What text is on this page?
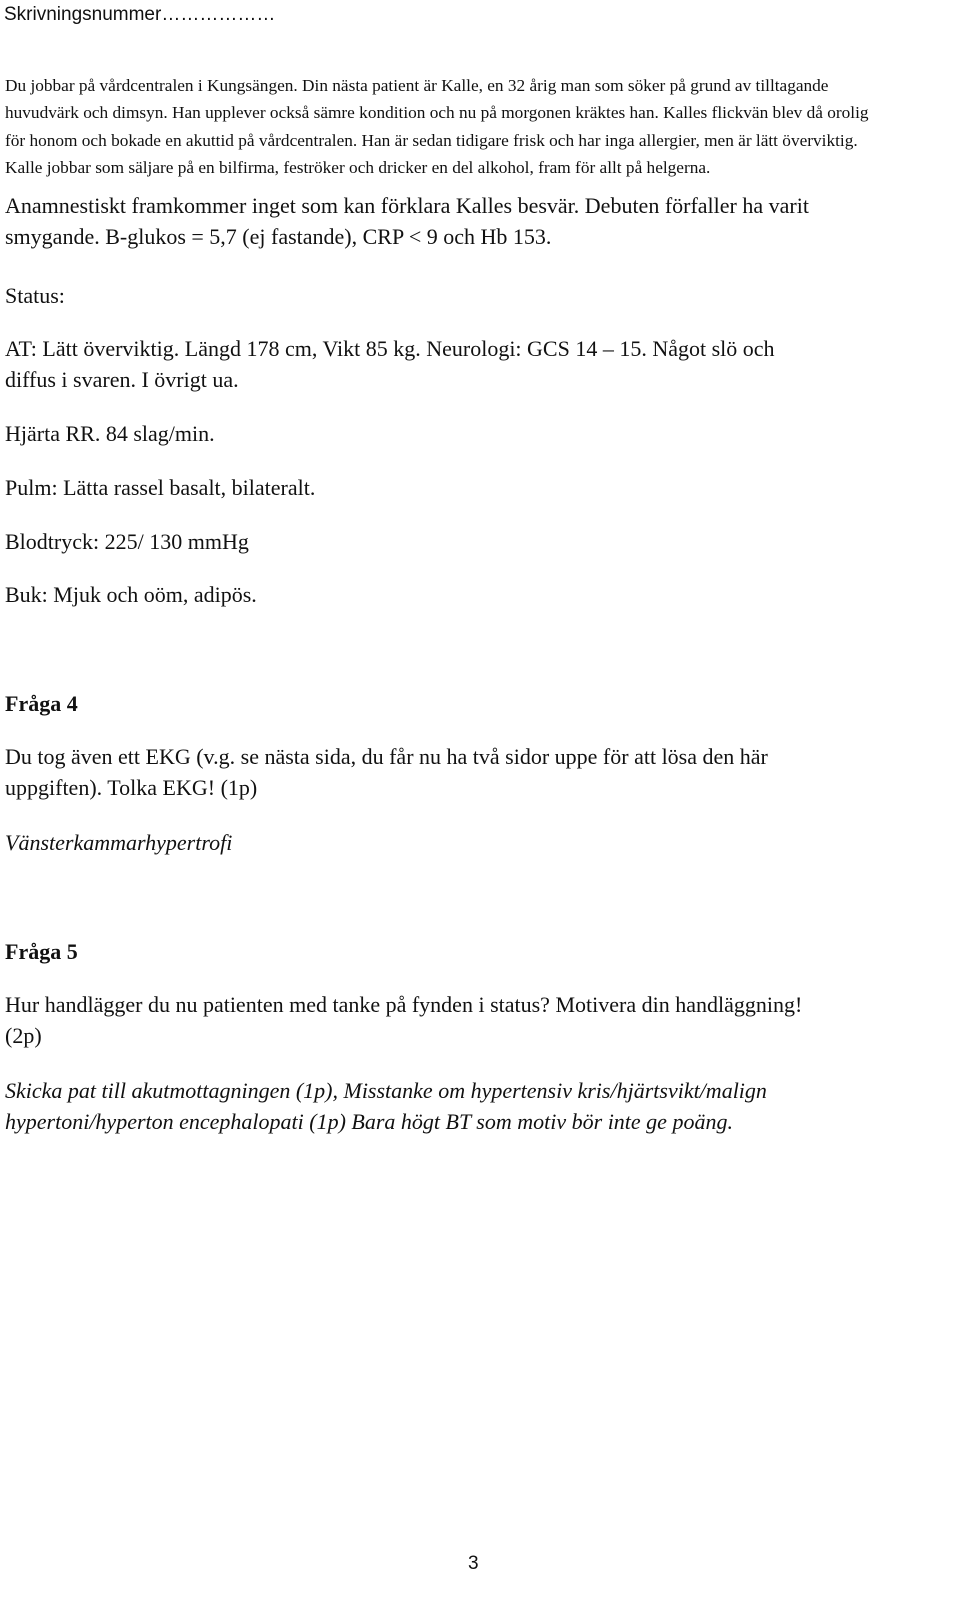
Skrivningsnummer………………
Du jobbar på vårdcentralen i Kungsängen. Din nästa patient är Kalle, en 32 årig man som söker på grund av tilltagande
huvudvärk och dimsyn. Han upplever också sämre kondition och nu på morgonen kräktes han. Kalles flickvän blev då orolig
för honom och bokade en akuttid på vårdcentralen. Han är sedan tidigare frisk och har inga allergier, men är lätt överviktig.
Kalle jobbar som säljare på en bilfirma, feströker och dricker en del alkohol, fram för allt på helgerna.
Anamnestiskt framkommer inget som kan förklara Kalles besvär. Debuten förfaller ha varit
smygande. B-glukos = 5,7 (ej fastande), CRP < 9 och Hb 153.
Status:
AT: Lätt överviktig. Längd 178 cm, Vikt 85 kg. Neurologi: GCS 14 – 15. Något slö och
diffus i svaren. I övrigt ua.
Hjärta RR. 84 slag/min.
Pulm: Lätta rassel basalt, bilateralt.
Blodtryck: 225/ 130 mmHg
Buk: Mjuk och oöm, adipös.
Fråga 4
Du tog även ett EKG (v.g. se nästa sida, du får nu ha två sidor uppe för att lösa den här
uppgiften). Tolka EKG! (1p)
Vänsterkammarhypertrofi
Fråga 5
Hur handlägger du nu patienten med tanke på fynden i status? Motivera din handläggning!
(2p)
Skicka pat till akutmottagningen (1p), Misstanke om hypertensiv kris/hjärtsvikt/malign
hypertoni/hyperton encephalopati (1p) Bara högt BT som motiv bör inte ge poäng.
3
